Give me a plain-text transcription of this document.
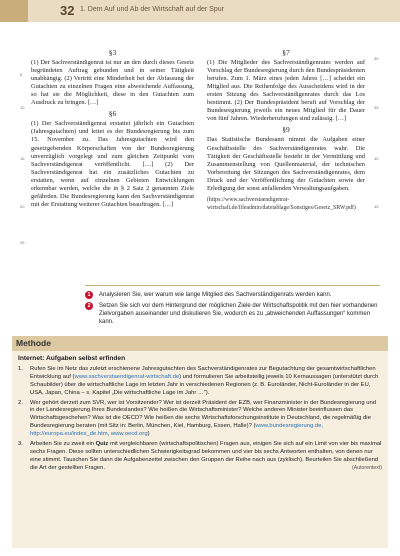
32 1. Dem Auf und Ab der Wirtschaft auf der Spur
5
10
15
20
25
30
35
40
45
§3

(1) Der Sachverständigenrat ist nur an den durch dieses Gesetz begründeten Auftrag gebunden und in seiner Tätigkeit unabhängig. (2) Vertritt eine Minderheit bei der Abfassung der Gutachten zu einzelnen Fragen eine abweichende Auffassung, so hat sie die Möglichkeit, diese in den Gutachten zum Ausdruck zu bringen. […]

§6

(1) Der Sachverständigenrat erstattet jährlich ein Gutachten (Jahresgutachten) und leitet es der Bundesregierung bis zum 15. November zu. Das Jahresgutachten wird den gesetzgebenden Körperschaften von der Bundesregierung unverzüglich vorgelegt und zum gleichen Zeitpunkt vom Sachverständigenrat veröffentlicht. […] (2) Der Sachverständigenrat hat ein zusätzliches Gutachten zu erstatten, wenn auf einzelnen Gebieten Entwicklungen erkennbar werden, welche die in § 2 Satz 2 genannten Ziele gefährden. Die Bundesregierung kann den Sachverständigenrat mit der Erstattung weiterer Gutachten beauftragen. […]

§7

(1) Die Mitglieder des Sachverständigenrates werden auf Vorschlag der Bundesregierung durch den Bundespräsidenten berufen. Zum 1. März eines jeden Jahres […] scheidet ein Mitglied aus. Die Reihenfolge des Ausscheidens wird in der ersten Sitzung des Sachverständigenrates durch das Los bestimmt. (2) Der Bundespräsident beruft auf Vorschlag der Bundesregierung jeweils ein neues Mitglied für die Dauer von fünf Jahren. Wiederberufungen sind zulässig. […]

§9

Das Statistische Bundesamt nimmt die Aufgaben einer Geschäftsstelle des Sachverständigenrates wahr. Die Tätigkeit der Geschäftsstelle besteht in der Vermittlung und Zusammenstellung von Quellenmaterial, der technischen Vorbereitung der Sitzungen des Sachverständigenrates, dem Druck und der Veröffentlichung der Gutachten sowie der Erledigung der sonst anfallenden Verwaltungsaufgaben.

(https://www.sachverstaendigenrat-wirtschaft.de/fileadmin/dateiablage/Sonstiges/Gesetz_SRW.pdf)

1	Analysieren Sie, wer warum wie lange Mitglied des Sachverständigenrats werden kann.
2	Setzen Sie sich vor dem Hintergrund der möglichen Ziele der Wirtschaftspolitik mit den hier vorhandenen Zielvorgaben auseinander und diskutieren Sie, wodurch es zu „abweichenden Auffassungen“ kommen kann.
Methode
Internet: Aufgaben selbst erfinden
1. Rufen Sie im Netz das zuletzt erschienene Jahresgutachten des Sachverständigenrates zur Begutachtung der gesamtwirtschaftlichen Entwicklung auf (www.sachverstaendigenrat-wirtschaft.de) und formulieren Sie arbeitsteilig jeweils 10 Kernaussagen (unterstützt durch Schaubilder) über die wirtschaftliche Lage im letzten Jahr in verschiedenen Regionen (z. B. Euroländer, Nicht-Euroländer in der EU, USA, Japan, China – s. Kapitel „Die wirtschaftliche Lage im Jahr …“).
2. Wer gehört derzeit zum SVR, wer ist Vorsitzender? Wer ist derzeit Präsident der EZB, wer Finanzminister in der Bundesregierung und in der Landesregierung Ihres Bundeslandes? Wie heißen die Wirtschaftsminister? Welche anderen Minister beeinflussen das Wirtschaftsgeschehen? Was ist die OECD? Wie heißen die sechs Wirtschaftsforschungsinstitute in Deutschland, die regelmäßig die Bundesregierung beraten (mit Sitz in: Berlin, München, Kiel, Hamburg, Essen, Halle)? (www.bundesregierung.de, http://europa.eu/index_de.htm, www.oecd.org)
3. Arbeiten Sie zu zweit ein Quiz mit vergleichbaren (wirtschaftspolitischen) Fragen aus, einigen Sie sich auf ein Limit von vier bis maximal sechs Fragen. Diese sollten unterschiedlichen Schwierigkeitsgrad bekommen und vier bis sechs Antworten enthalten, von denen nur eine stimmt. Tauschen Sie dann die Aufgabenzettel zwischen den Gruppen der Reihe nach aus (zyklisch). Beurteilen Sie abschließend die Art der gestellten Fragen.	(Autorentext)
